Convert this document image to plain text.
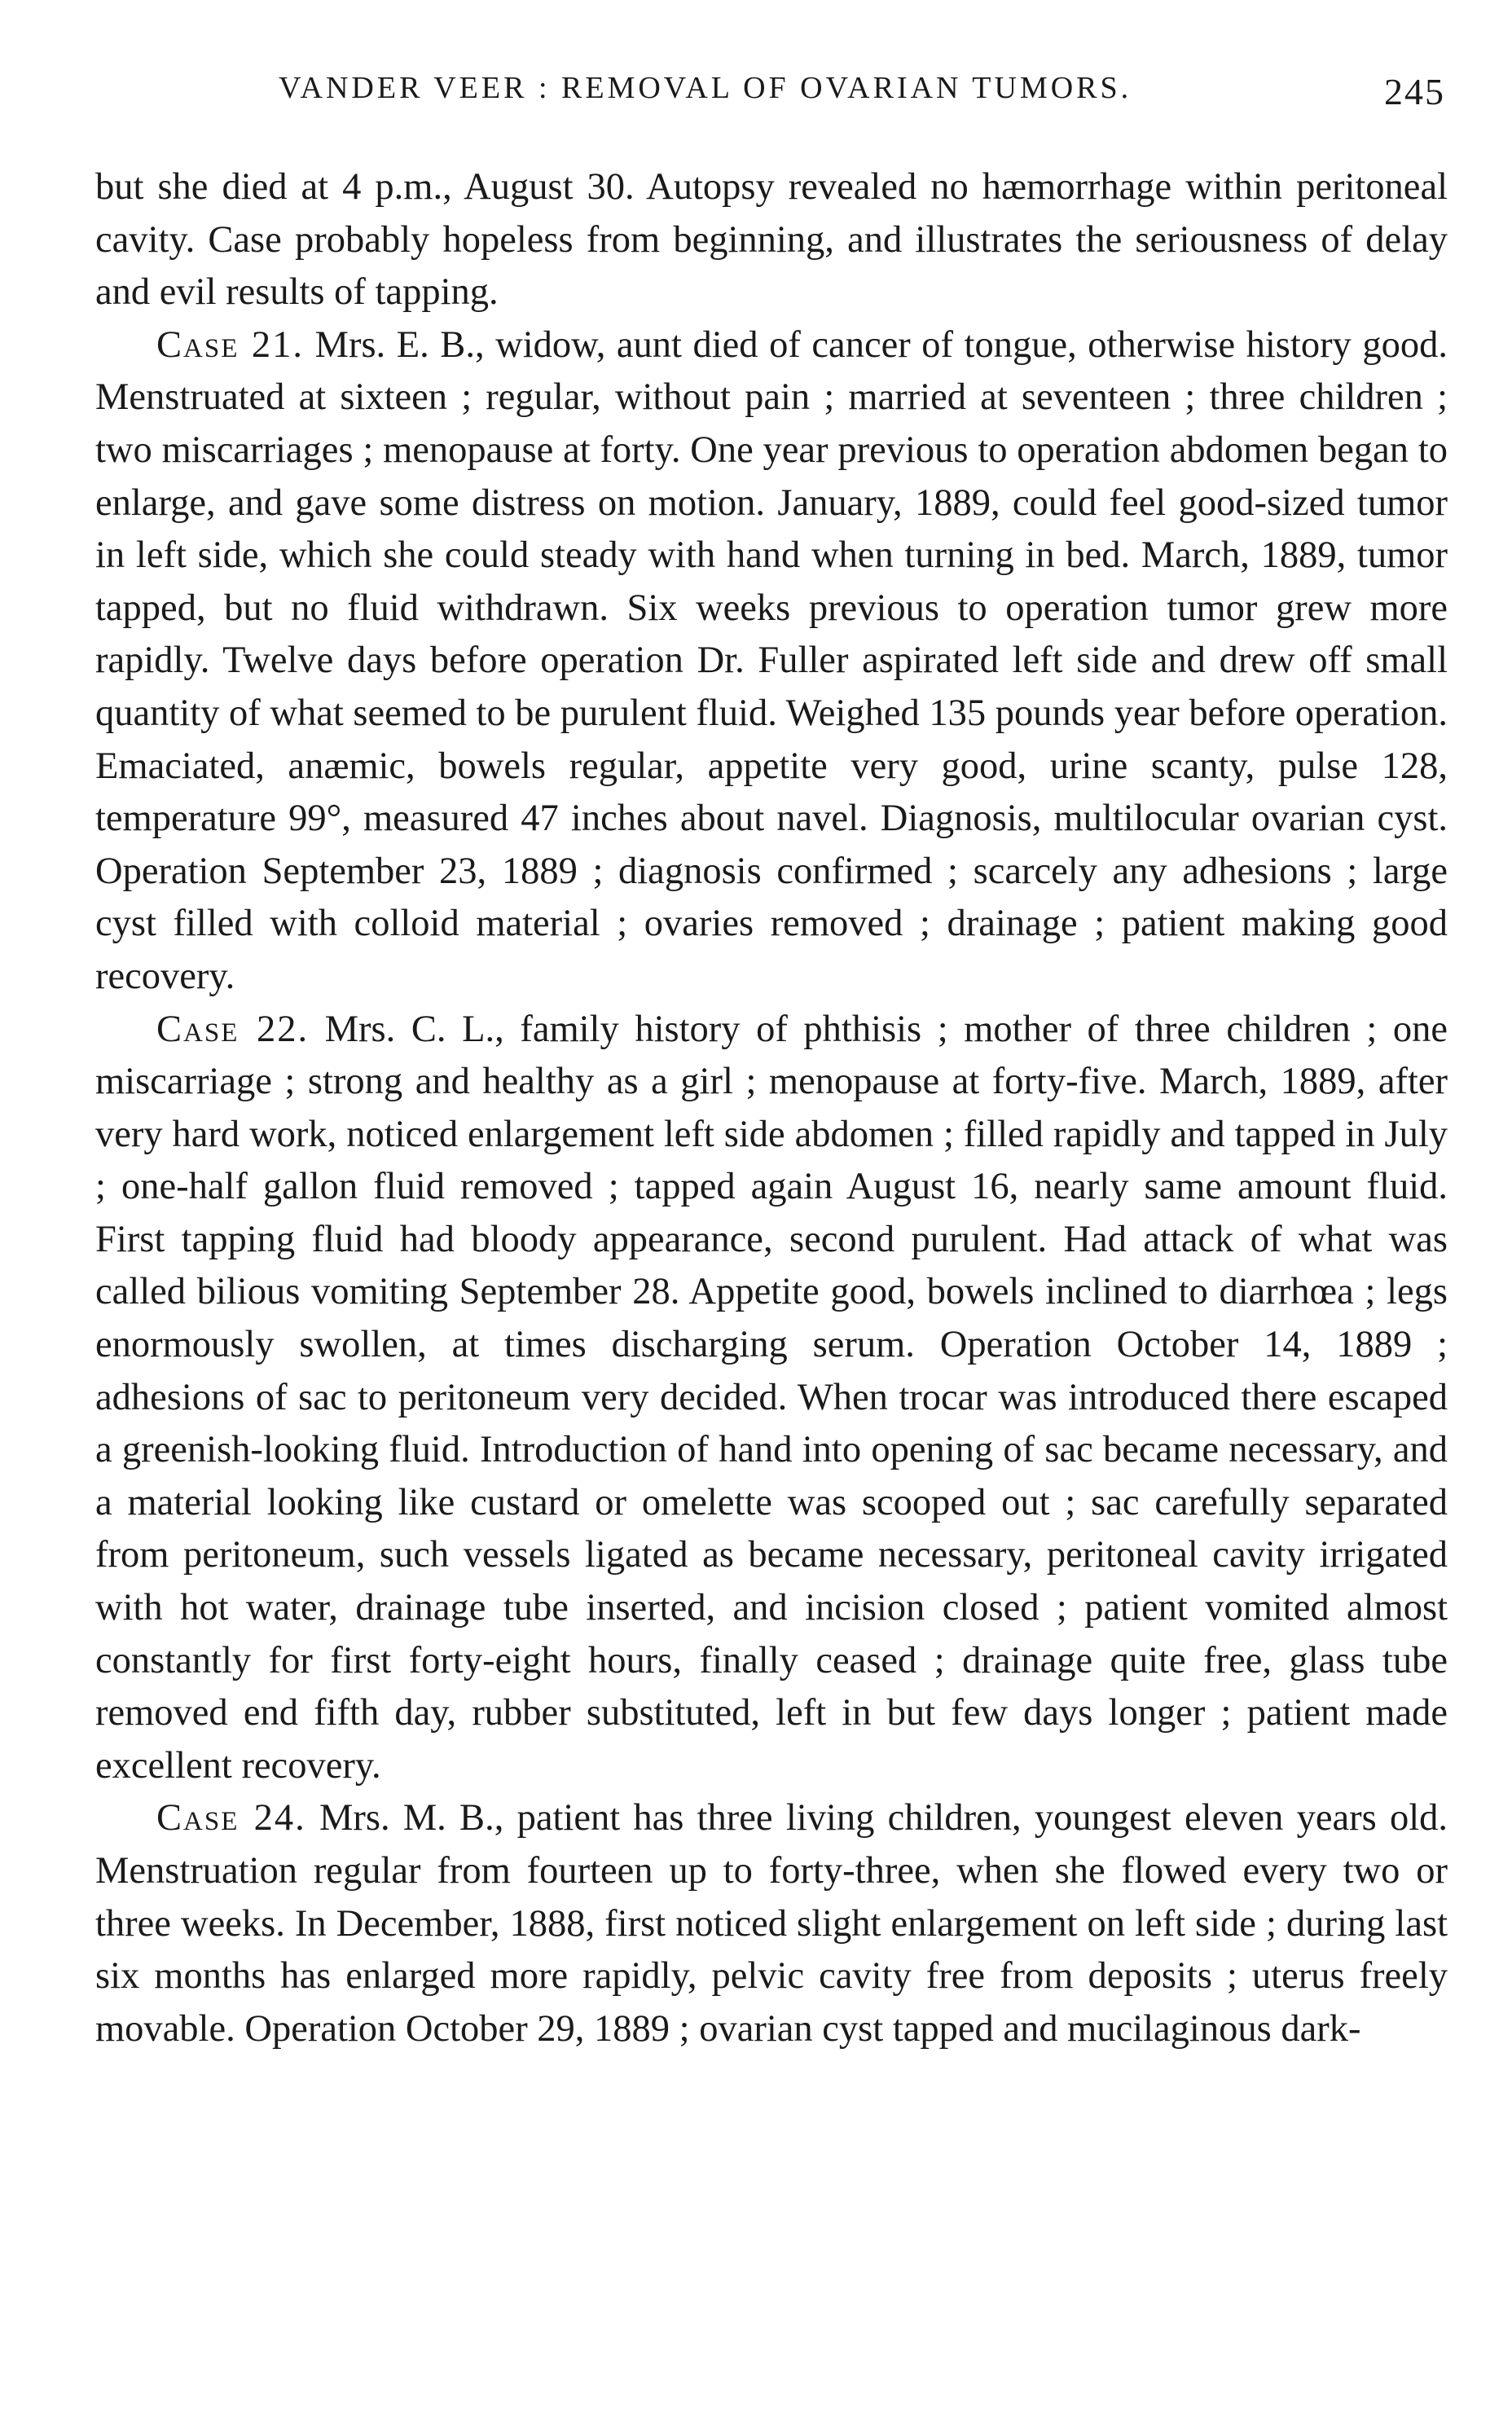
VANDER VEER : REMOVAL OF OVARIAN TUMORS.	245

but she died at 4 p.m., August 30. Autopsy revealed no hæmorrhage within peritoneal cavity. Case probably hopeless from beginning, and illustrates the seriousness of delay and evil results of tapping.

Case 21. Mrs. E. B., widow, aunt died of cancer of tongue, otherwise history good. Menstruated at sixteen ; regular, without pain ; married at seventeen ; three children ; two miscarriages ; menopause at forty. One year previous to operation abdomen began to enlarge, and gave some distress on motion. January, 1889, could feel good-sized tumor in left side, which she could steady with hand when turning in bed. March, 1889, tumor tapped, but no fluid withdrawn. Six weeks previous to operation tumor grew more rapidly. Twelve days before operation Dr. Fuller aspirated left side and drew off small quantity of what seemed to be purulent fluid. Weighed 135 pounds year before operation. Emaciated, anæmic, bowels regular, appetite very good, urine scanty, pulse 128, temperature 99°, measured 47 inches about navel. Diagnosis, multilocular ovarian cyst. Operation September 23, 1889 ; diagnosis confirmed ; scarcely any adhesions ; large cyst filled with colloid material ; ovaries removed ; drainage ; patient making good recovery.

Case 22. Mrs. C. L., family history of phthisis ; mother of three children ; one miscarriage ; strong and healthy as a girl ; menopause at forty-five. March, 1889, after very hard work, noticed enlargement left side abdomen ; filled rapidly and tapped in July ; one-half gallon fluid removed ; tapped again August 16, nearly same amount fluid. First tapping fluid had bloody appearance, second purulent. Had attack of what was called bilious vomiting September 28. Appetite good, bowels inclined to diarrhœa ; legs enormously swollen, at times discharging serum. Operation October 14, 1889 ; adhesions of sac to peritoneum very decided. When trocar was introduced there escaped a greenish-looking fluid. Introduction of hand into opening of sac became necessary, and a material looking like custard or omelette was scooped out ; sac carefully separated from peritoneum, such vessels ligated as became necessary, peritoneal cavity irrigated with hot water, drainage tube inserted, and incision closed ; patient vomited almost constantly for first forty-eight hours, finally ceased ; drainage quite free, glass tube removed end fifth day, rubber substituted, left in but few days longer ; patient made excellent recovery.

Case 24. Mrs. M. B., patient has three living children, youngest eleven years old. Menstruation regular from fourteen up to forty-three, when she flowed every two or three weeks. In December, 1888, first noticed slight enlargement on left side ; during last six months has enlarged more rapidly, pelvic cavity free from deposits ; uterus freely movable. Operation October 29, 1889 ; ovarian cyst tapped and mucilaginous dark-
